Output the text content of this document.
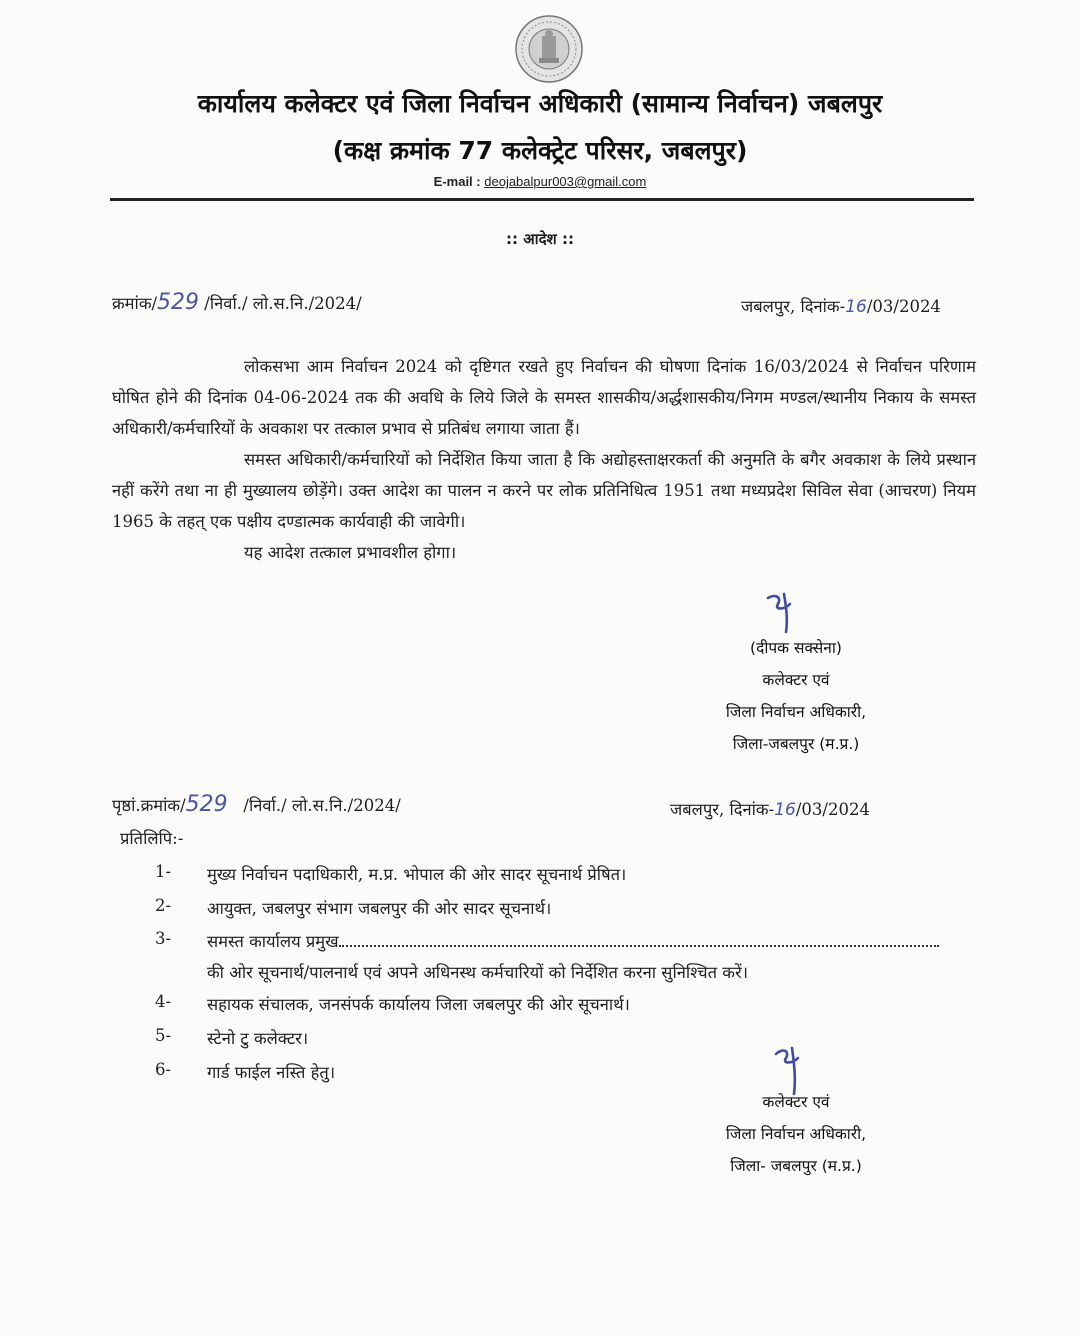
कार्यालय कलेक्टर एवं जिला निर्वाचन अधिकारी (सामान्य निर्वाचन) जबलपुर
(कक्ष क्रमांक 77 कलेक्ट्रेट परिसर, जबलपुर)
E-mail : deojabalpur003@gmail.com
:: आदेश ::
क्रमांक/529 /निर्वा./ लो.स.नि./2024/	जबलपुर, दिनांक-16/03/2024

लोकसभा आम निर्वाचन 2024 को दृष्टिगत रखते हुए निर्वाचन की घोषणा दिनांक 16/03/2024 से निर्वाचन परिणाम घोषित होने की दिनांक 04-06-2024 तक की अवधि के लिये जिले के समस्त शासकीय/अर्द्धशासकीय/निगम मण्डल/स्थानीय निकाय के समस्त अधिकारी/कर्मचारियों के अवकाश पर तत्काल प्रभाव से प्रतिबंध लगाया जाता हैं।

समस्त अधिकारी/कर्मचारियों को निर्देशित किया जाता है कि अद्योहस्ताक्षरकर्ता की अनुमति के बगैर अवकाश के लिये प्रस्थान नहीं करेंगे तथा ना ही मुख्यालय छोड़ेंगे। उक्त आदेश का पालन न करने पर लोक प्रतिनिधित्व 1951 तथा मध्यप्रदेश सिविल सेवा (आचरण) नियम 1965 के तहत् एक पक्षीय दण्डात्मक कार्यवाही की जावेगी।

यह आदेश तत्काल प्रभावशील होगा।

(दीपक सक्सेना)
कलेक्टर एवं
जिला निर्वाचन अधिकारी,
जिला-जबलपुर (म.प्र.)
पृष्ठां.क्रमांक/529 /निर्वा./ लो.स.नि./2024/	जबलपुर, दिनांक-16/03/2024
प्रतिलिपि:-
1- मुख्य निर्वाचन पदाधिकारी, म.प्र. भोपाल की ओर सादर सूचनार्थ प्रेषित।
2- आयुक्त, जबलपुर संभाग जबलपुर की ओर सादर सूचनार्थ।
3- समस्त कार्यालय प्रमुख
की ओर सूचनार्थ/पालनार्थ एवं अपने अधिनस्थ कर्मचारियों को निर्देशित करना सुनिश्चित करें।
4- सहायक संचालक, जनसंपर्क कार्यालय जिला जबलपुर की ओर सूचनार्थ।
5- स्टेनो टु कलेक्टर।
6- गार्ड फाईल नस्ति हेतु।
कलेक्टर एवं
जिला निर्वाचन अधिकारी,
जिला- जबलपुर (म.प्र.)
